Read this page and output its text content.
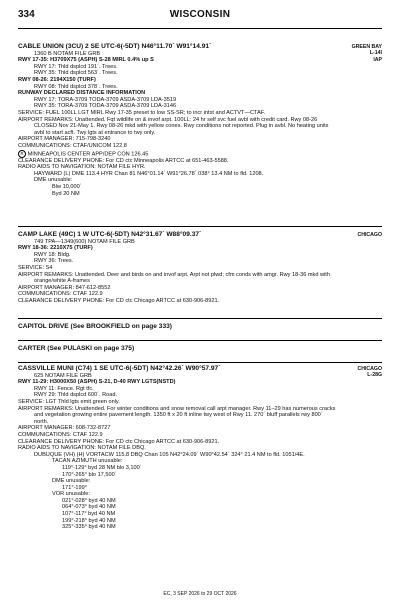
334	WISCONSIN
GREEN BAY
L-14I
IAP
CABLE UNION (3CU) 2 SE UTC-6(-5DT) N46°11.70´ W91°14.91´
1360 B NOTAM FILE GRB
RWY 17-35: H3709X75 (ASPH) S-28 MIRL 0.4% up S
RWY 17: Thld dsplcd 191´. Trees.
RWY 35: Thld dsplcd 563´. Trees.
RWY 08-26: 2194X150 (TURF)
RWY 08: Thld dsplcd 378´. Trees.
RUNWAY DECLARED DISTANCE INFORMATION
RWY 17: TORA-3709 TODA-3709 ASDA-3709 LDA-3519
RWY 35: TORA-3709 TODA-3709 ASDA-3709 LDA-3146
SERVICE: FUEL 100LL LGT MIRL Rwy 17-35 preset to low SS-SR; to incr intst and ACTVT—CTAF.
AIRPORT REMARKS: Unattended. Fqt wildlife on & invof arpt. 100LL: 24 hr self svc fuel avbl with credit card. Rwy 08-26
CLOSED Nov 21-May 1. Rwy 08-26 mkd with yellow cones. Rwy conditions not reported. Plug in avbl. No heating units
avbl to start acft. Twy lgts at entrance to twy only.
AIRPORT MANAGER: 715-798-3240
COMMUNICATIONS: CTAF/UNICOM 122.8
R MINNEAPOLIS CENTER APP/DEP CON 126.45
CLEARANCE DELIVERY PHONE: For CD ctc Minneapolis ARTCC at 651-463-5588.
RADIO AIDS TO NAVIGATION: NOTAM FILE HYR.
HAYWARD (L) DME 113.4 HYR Chan 81 N46°01.14´ W91°26.78´ 038° 13.4 NM to fld. 1208.
DME unusable:
Blw 10,000´
Byd 20 NM
CHICAGO
CAMP LAKE (49C) 1 W UTC-6(-5DT) N42°31.67´ W88°09.37´
749 TPA—1349(600) NOTAM FILE GRB
RWY 18-36: 2210X75 (TURF)
RWY 18: Bldg.
RWY 36: Trees.
SERVICE: S4
AIRPORT REMARKS: Unattended. Deer and birds on and invof arpt. Arpt not plwd; cfm conds with amgr. Rwy 18-36 mkd with
orange/white A-frames
AIRPORT MANAGER: 847-612-8552
COMMUNICATIONS: CTAF 122.9
CLEARANCE DELIVERY PHONE: For CD ctc Chicago ARTCC at 630-906-8921.
CAPITOL DRIVE (See BROOKFIELD on page 333)
CARTER (See PULASKI on page 375)
CHICAGO
L-28G
CASSVILLE MUNI (C74) 1 SE UTC-6(-5DT) N42°42.26´ W90°57.97´
625 NOTAM FILE GRB
RWY 11-29: H3000X50 (ASPH) S-21, D-40 RWY LGTS(NSTD)
RWY 11: Fence. Rgt tfc.
RWY 29: Thld dsplcd 600´. Road.
SERVICE: LGT Thld lgts emit green only.
AIRPORT REMARKS: Unattended. For winter conditions and snow removal call arpt manager. Rwy 11–29 has numerous cracks
and vegetation growing entire pavement length. 1350 ft x 20 ft inline twy west of Rwy 11. 270´ bluff parallels rwy 800´
north.
AIRPORT MANAGER: 608-732-8727
COMMUNICATIONS: CTAF 122.9
CLEARANCE DELIVERY PHONE: For CD ctc Chicago ARTCC at 630-906-8921.
RADIO AIDS TO NAVIGATION: NOTAM FILE DBQ.
DUBUQUE (VH) (H) VORTACW 115.8 DBQ Chan 105 N42°24.09´ W90°42.54´ 324° 21.4 NM to fld. 1051/4E.
TACAN AZIMUTH unusable:
119°-129° byd 28 NM blo 3,100´
170°-265° blo 17,500´
DME unusable:
171°-199°
VOR unusable:
021°-028° byd 40 NM
064°-073° byd 40 NM
107°-117° byd 40 NM
199°-218° byd 40 NM
325°-335° byd 40 NM
EC, 3 SEP 2026 to 29 OCT 2026
